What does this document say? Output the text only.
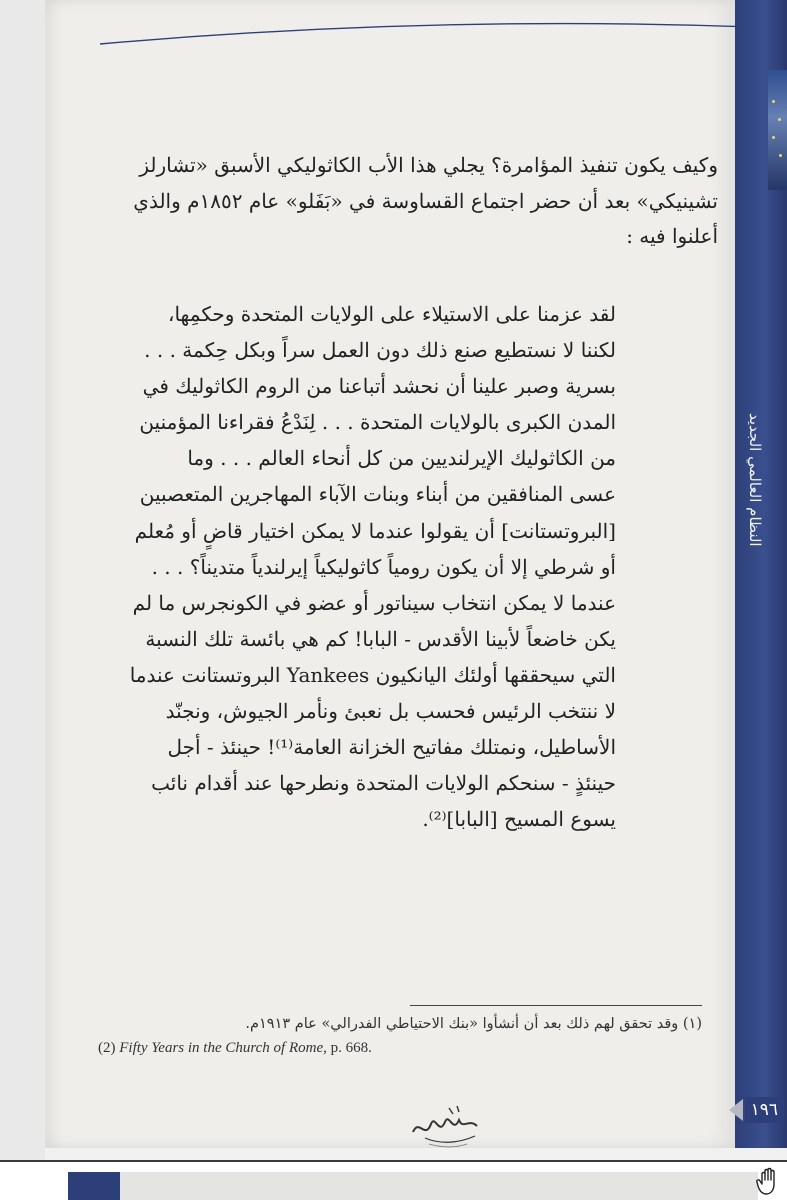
النظام العالمي الجديد
وكيف يكون تنفيذ المؤامرة؟ يجلي هذا الأب الكاثوليكي الأسبق «تشارلز
تشينيكي» بعد أن حضر اجتماع القساوسة في «بَفَلو» عام ١٨٥٢م والذي
أعلنوا فيه :
لقد عزمنا على الاستيلاء على الولايات المتحدة وحكمِها،
لكننا لا نستطيع صنع ذلك دون العمل سراً وبكل حِكمة . . .
بسرية وصبر علينا أن نحشد أتباعنا من الروم الكاثوليك في
المدن الكبرى بالولايات المتحدة . . . لِنَدْعُ فقراءنا المؤمنين
من الكاثوليك الإيرلنديين من كل أنحاء العالم . . . وما
عسى المنافقين من أبناء وبنات الآباء المهاجرين المتعصبين
[البروتستانت] أن يقولوا عندما لا يمكن اختيار قاضٍ أو مُعلم
أو شرطي إلا أن يكون رومياً كاثوليكياً إيرلندياً متديناً؟ . . .
عندما لا يمكن انتخاب سيناتور أو عضو في الكونجرس ما لم
يكن خاضعاً لأبينا الأقدس - البابا! كم هي بائسة تلك النسبة
التي سيحققها أولئك اليانكيون Yankees البروتستانت عندما
لا ننتخب الرئيس فحسب بل نعبئ ونأمر الجيوش، ونجنّد
الأساطيل، ونمتلك مفاتيح الخزانة العامة⁽¹⁾! حينئذ - أجل
حينئذٍ - سنحكم الولايات المتحدة ونطرحها عند أقدام نائب
يسوع المسيح [البابا]⁽²⁾.
(١) وقد تحقق لهم ذلك بعد أن أنشأوا «بنك الاحتياطي الفدرالي» عام ١٩١٣م.
(2) Fifty Years in the Church of Rome, p. 668.
١٩٦
